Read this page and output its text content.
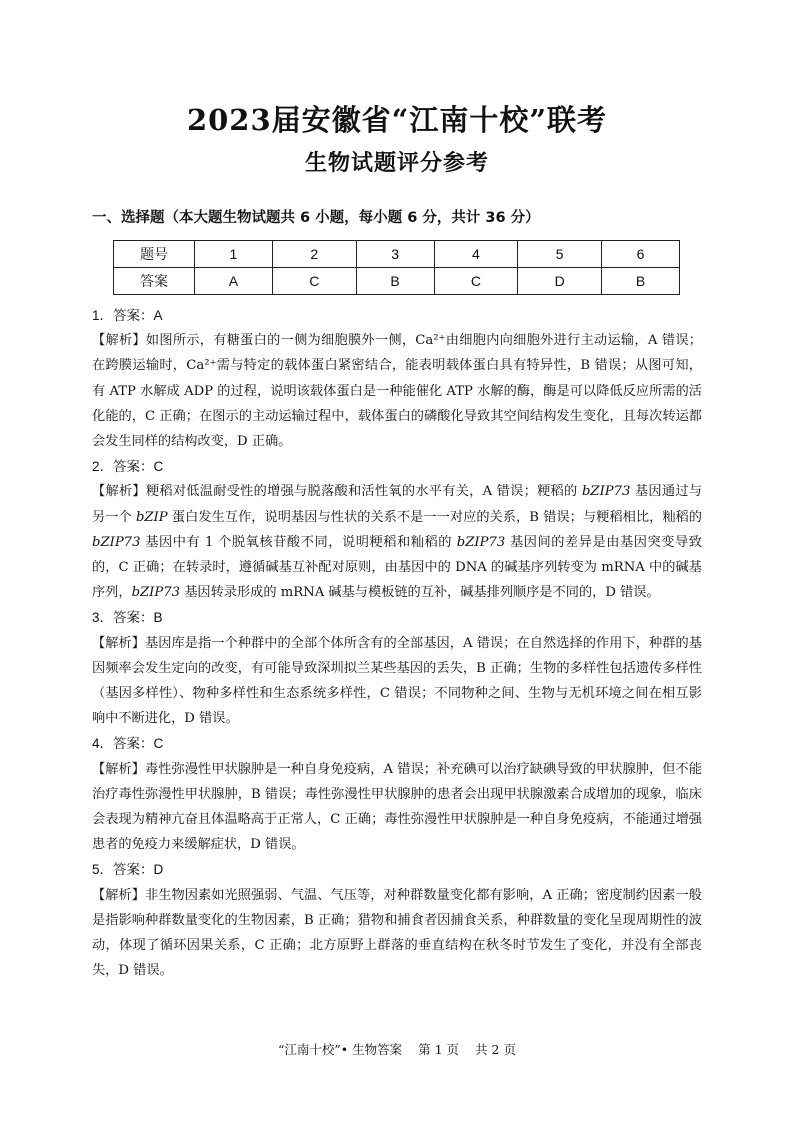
2023届安徽省“江南十校”联考
生物试题评分参考
一、选择题（本大题生物试题共 6 小题，每小题 6 分，共计 36 分）
题号	1	2	3	4	5	6
答案	A	C	B	C	D	B
1．答案：A

【解析】如图所示，有糖蛋白的一侧为细胞膜外一侧，Ca²⁺由细胞内向细胞外进行主动运输，A 错误；在跨膜运输时，Ca²⁺需与特定的载体蛋白紧密结合，能表明载体蛋白具有特异性，B 错误；从图可知，有 ATP 水解成 ADP 的过程，说明该载体蛋白是一种能催化 ATP 水解的酶，酶是可以降低反应所需的活化能的，C 正确；在图示的主动运输过程中，载体蛋白的磷酸化导致其空间结构发生变化，且每次转运都会发生同样的结构改变，D 正确。

2．答案：C

【解析】粳稻对低温耐受性的增强与脱落酸和活性氧的水平有关，A 错误；粳稻的 bZIP73 基因通过与另一个 bZIP 蛋白发生互作，说明基因与性状的关系不是一一对应的关系，B 错误；与粳稻相比，籼稻的 bZIP73 基因中有 1 个脱氧核苷酸不同，说明粳稻和籼稻的 bZIP73 基因间的差异是由基因突变导致的，C 正确；在转录时，遵循碱基互补配对原则，由基因中的 DNA 的碱基序列转变为 mRNA 中的碱基序列，bZIP73 基因转录形成的 mRNA 碱基与模板链的互补，碱基排列顺序是不同的，D 错误。

3．答案：B

【解析】基因库是指一个种群中的全部个体所含有的全部基因，A 错误；在自然选择的作用下，种群的基因频率会发生定向的改变，有可能导致深圳拟兰某些基因的丢失，B 正确；生物的多样性包括遗传多样性（基因多样性）、物种多样性和生态系统多样性，C 错误；不同物种之间、生物与无机环境之间在相互影响中不断进化，D 错误。

4．答案：C

【解析】毒性弥漫性甲状腺肿是一种自身免疫病，A 错误；补充碘可以治疗缺碘导致的甲状腺肿，但不能治疗毒性弥漫性甲状腺肿，B 错误；毒性弥漫性甲状腺肿的患者会出现甲状腺激素合成增加的现象，临床会表现为精神亢奋且体温略高于正常人，C 正确；毒性弥漫性甲状腺肿是一种自身免疫病，不能通过增强患者的免疫力来缓解症状，D 错误。

5．答案：D

【解析】非生物因素如光照强弱、气温、气压等，对种群数量变化都有影响，A 正确；密度制约因素一般是指影响种群数量变化的生物因素，B 正确；猎物和捕食者因捕食关系，种群数量的变化呈现周期性的波动，体现了循环因果关系，C 正确；北方原野上群落的垂直结构在秋冬时节发生了变化，并没有全部丧失，D 错误。

“江南十校”• 生物答案 第 1 页 共 2 页
